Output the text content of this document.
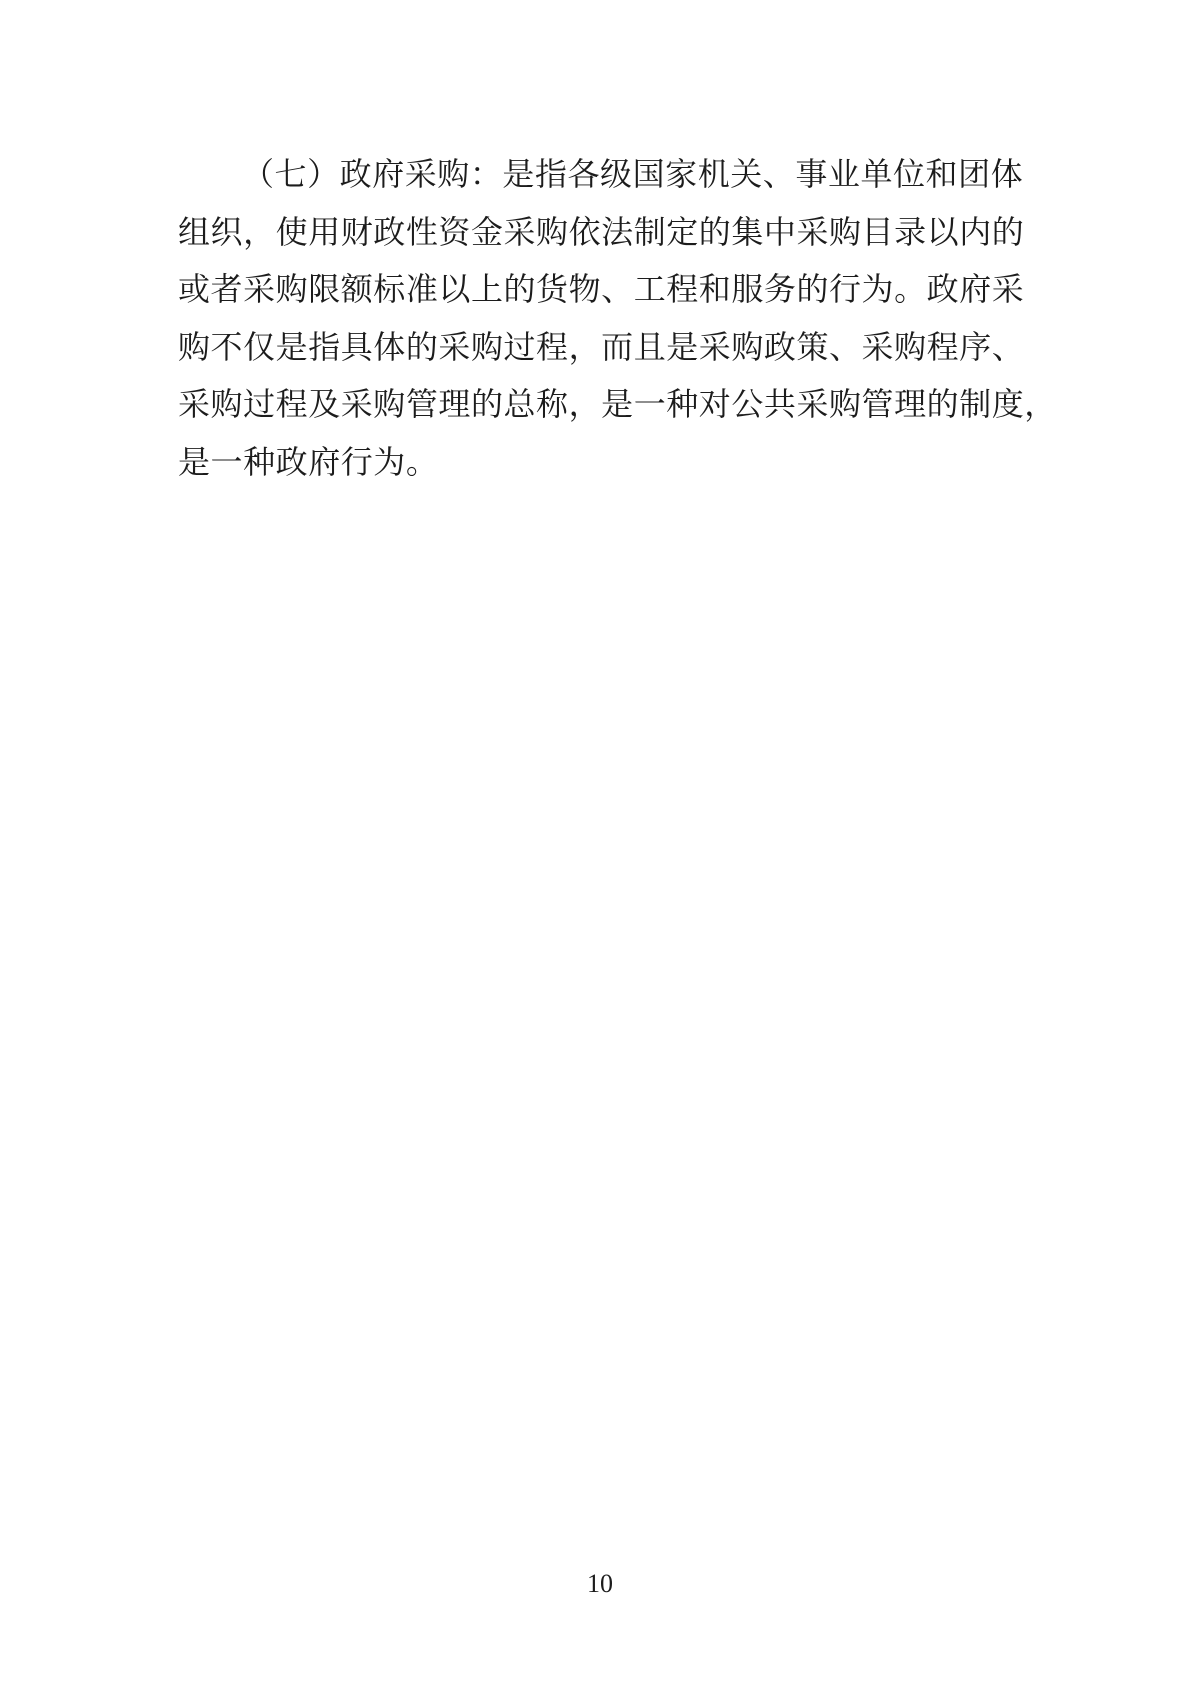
（七）政府采购：是指各级国家机关、事业单位和团体

组织，使用财政性资金采购依法制定的集中采购目录以内的

或者采购限额标准以上的货物、工程和服务的行为。政府采

购不仅是指具体的采购过程，而且是采购政策、采购程序、

采购过程及采购管理的总称，是一种对公共采购管理的制度，

是一种政府行为。

10
